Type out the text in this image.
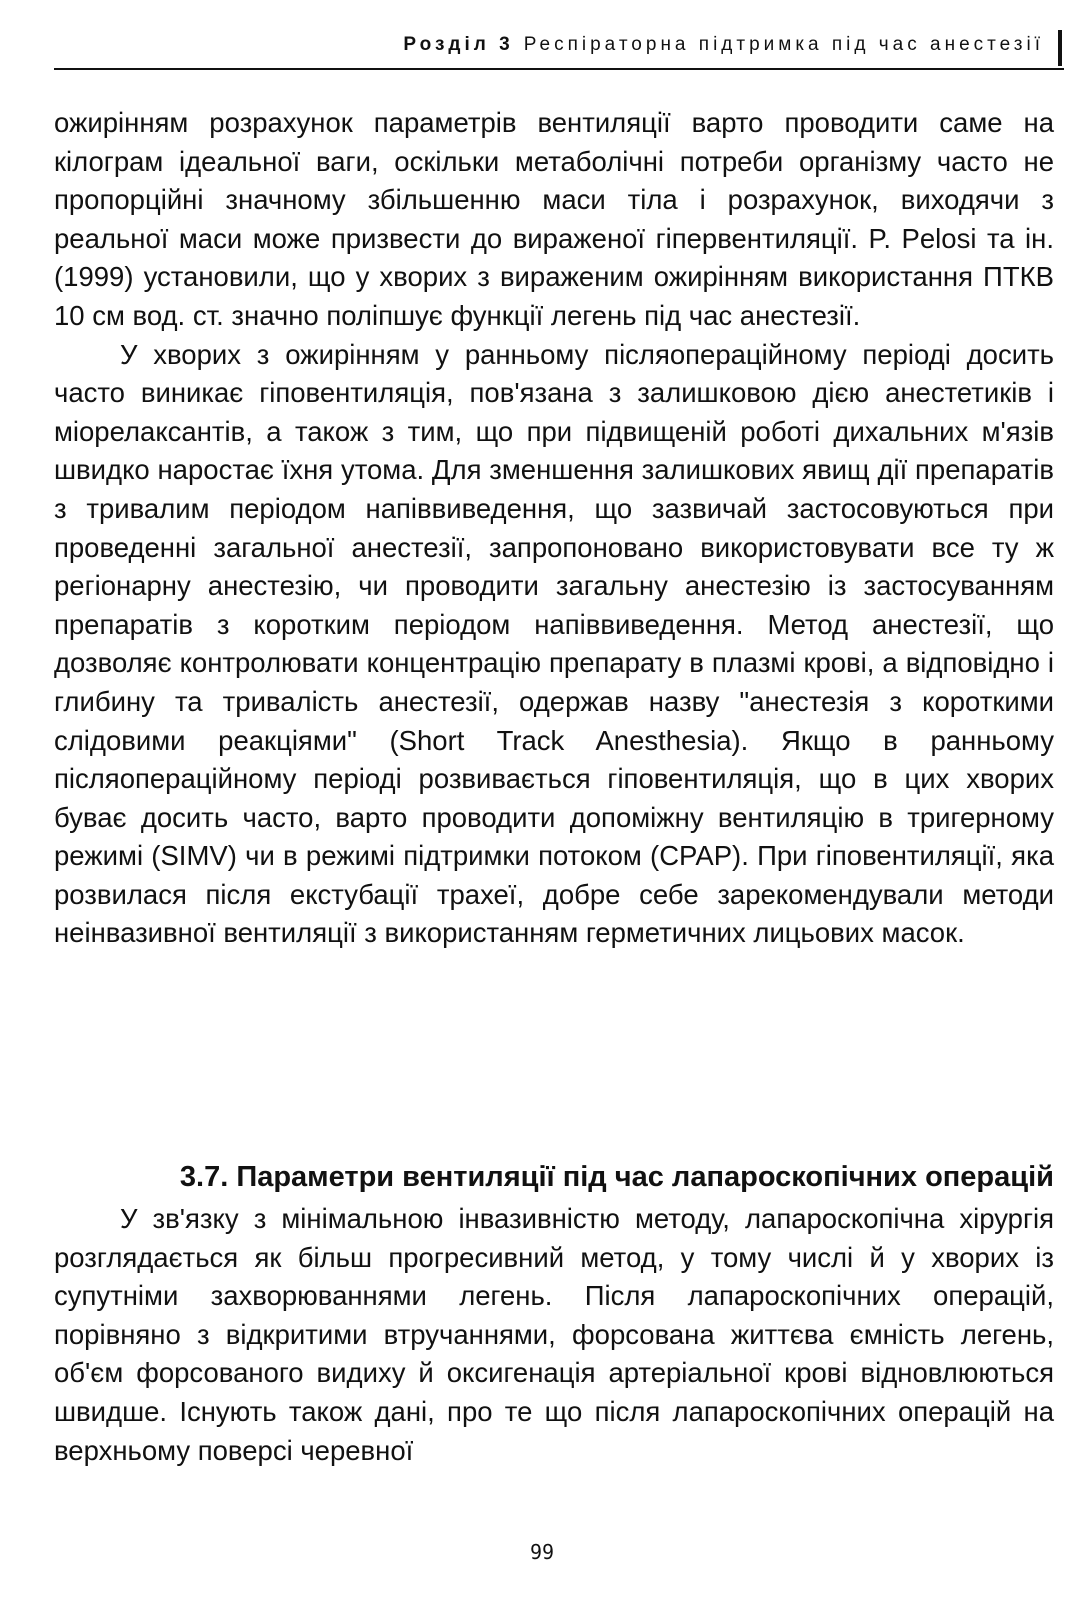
Розділ 3 Респіраторна підтримка під час анестезії

ожирінням розрахунок параметрів вентиляції варто проводити саме на кілограм ідеальної ваги, оскільки метаболічні потреби організму часто не пропорційні значному збільшенню маси тіла і розрахунок, виходячи з реальної маси може призвести до вираженої гіпервентиляції. P. Pelosi та ін. (1999) установили, що у хворих з вираженим ожирінням використання ПТКВ 10 см вод. ст. значно поліпшує функції легень під час анестезії.

У хворих з ожирінням у ранньому післяопераційному періоді досить часто виникає гіповентиляція, пов'язана з залишковою дією анестетиків і міорелаксантів, а також з тим, що при підвищеній роботі дихальних м'язів швидко наростає їхня утома. Для зменшення залишкових явищ дії препаратів з тривалим періодом напіввиведення, що зазвичай застосовуються при проведенні загальної анестезії, запропоновано використовувати все ту ж регіонарну анестезію, чи проводити загальну анестезію із застосуванням препаратів з коротким періодом напіввиведення. Метод анестезії, що дозволяє контролювати концентрацію препарату в плазмі крові, а відповідно і глибину та тривалість анестезії, одержав назву "анестезія з короткими слідовими реакціями" (Short Track Anesthesia). Якщо в ранньому післяопераційному періоді розвивається гіповентиляція, що в цих хворих буває досить часто, варто проводити допоміжну вентиляцію в тригерному режимі (SIMV) чи в режимі підтримки потоком (CPAP). При гіповентиляції, яка розвилася після екстубації трахеї, добре себе зарекомендували методи неінвазивної вентиляції з використанням герметичних лицьових масок.

3.7. Параметри вентиляції під час лапароскопічних операцій

У зв'язку з мінімальною інвазивністю методу, лапароскопічна хірургія розглядається як більш прогресивний метод, у тому числі й у хворих із супутніми захворюваннями легень. Після лапароскопічних операцій, порівняно з відкритими втручаннями, форсована життєва ємність легень, об'єм форсованого видиху й оксигенація артеріальної крові відновлюються швидше. Існують також дані, про те що після лапароскопічних операцій на верхньому поверсі черевної

99
